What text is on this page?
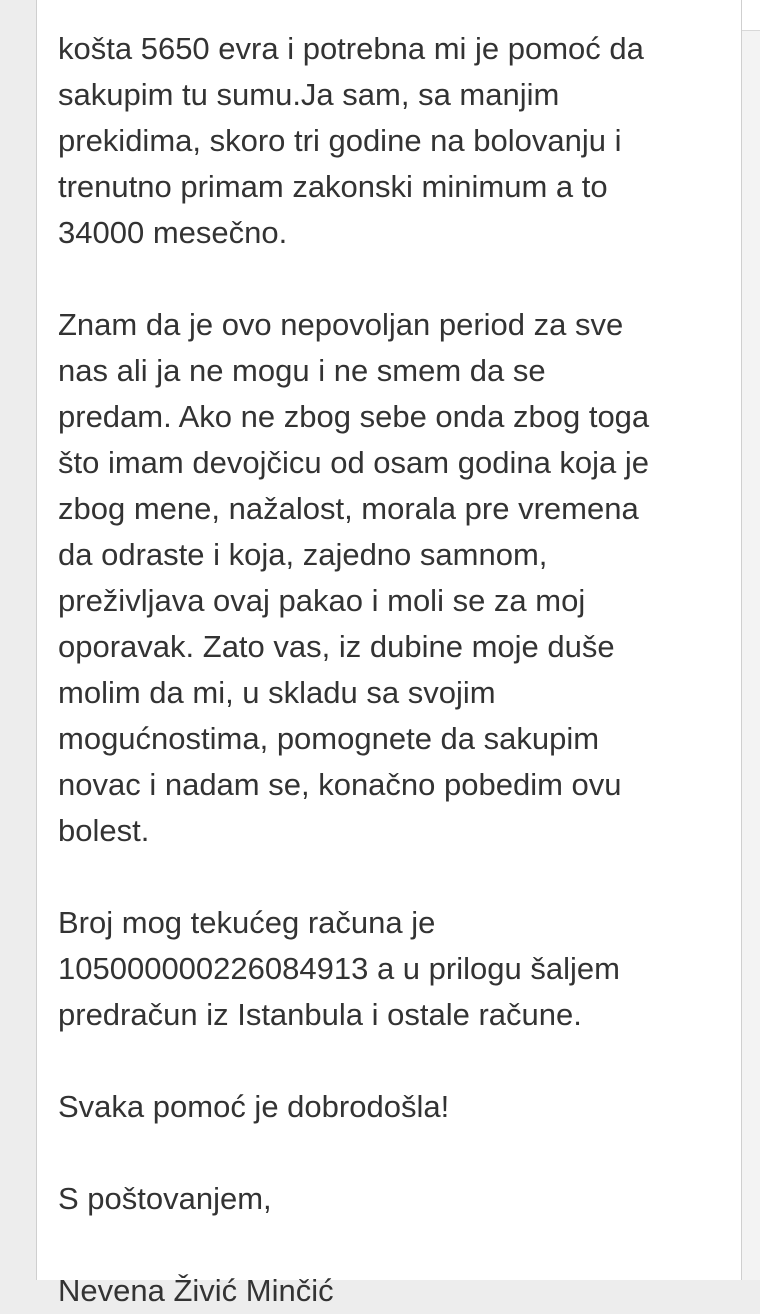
košta 5650 evra i potrebna mi je pomoć da
sakupim tu sumu.Ja sam, sa manjim
prekidima, skoro tri godine na bolovanju i
trenutno primam zakonski minimum a to
34000 mesečno.

Znam da je ovo nepovoljan period za sve
nas ali ja ne mogu i ne smem da se
predam. Ako ne zbog sebe onda zbog toga
što imam devojčicu od osam godina koja je
zbog mene, nažalost, morala pre vremena
da odraste i koja, zajedno samnom,
preživljava ovaj pakao i moli se za moj
oporavak. Zato vas, iz dubine moje duše
molim da mi, u skladu sa svojim
mogućnostima, pomognete da sakupim
novac i nadam se, konačno pobedim ovu
bolest.

Broj mog tekućeg računa je
105000000226084913 a u prilogu šaljem
predračun iz Istanbula i ostale račune.

Svaka pomoć je dobrodošla!

S poštovanjem,

Nevena Živić Minčić
